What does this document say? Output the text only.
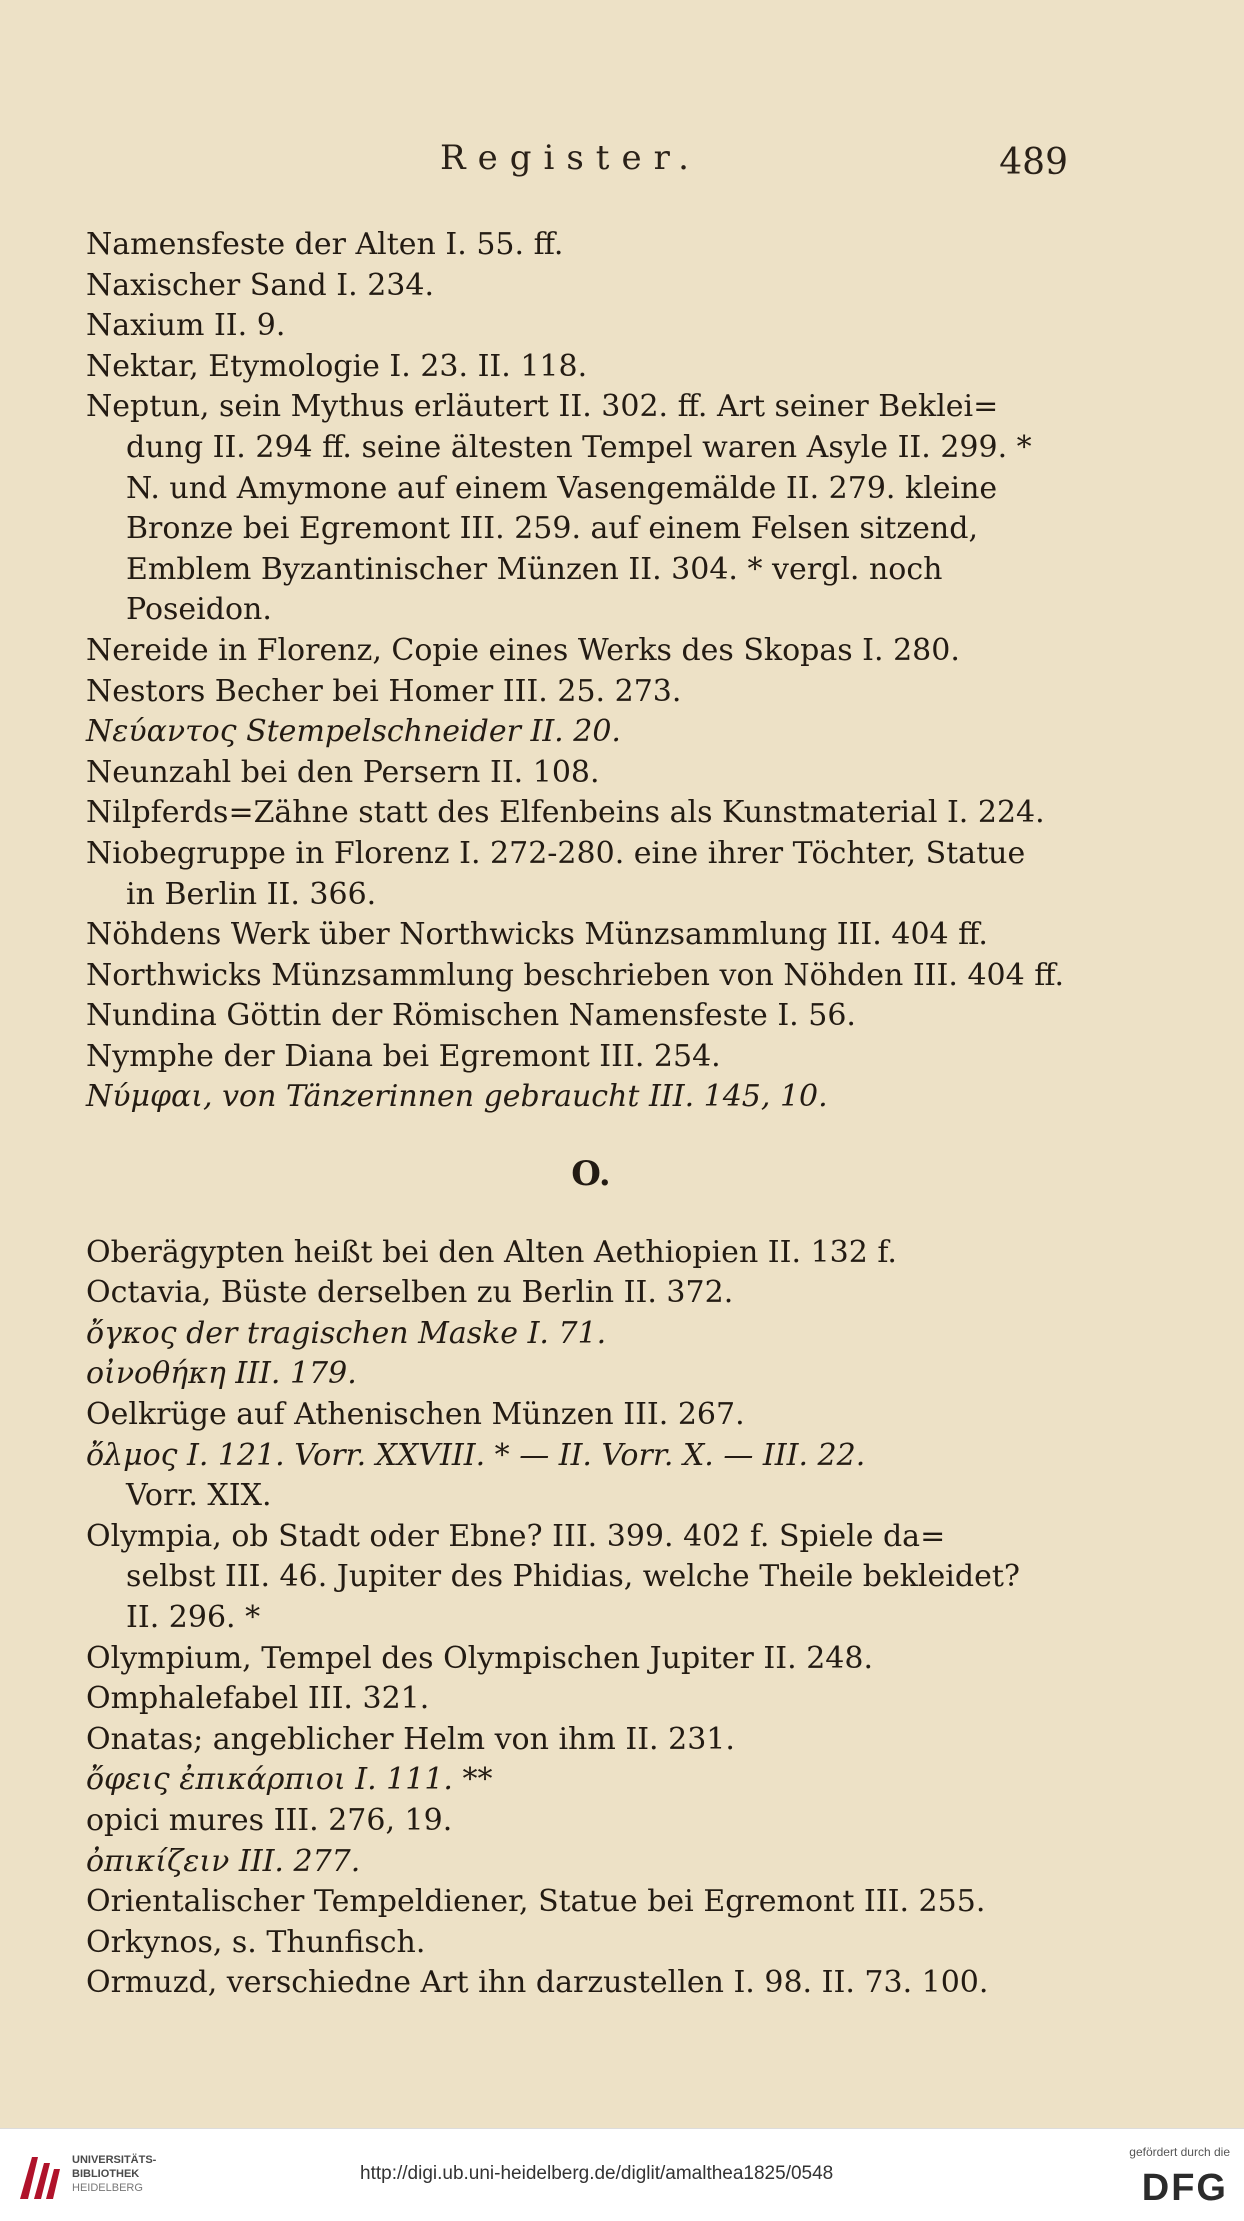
Register.	489
Namensfeste der Alten I. 55. ff.
Naxischer Sand I. 234.
Naxium II. 9.
Nektar, Etymologie I. 23. II. 118.
Neptun, sein Mythus erläutert II. 302. ff. Art seiner Beklei=
dung II. 294 ff. seine ältesten Tempel waren Asyle II. 299. *
N. und Amymone auf einem Vasengemälde II. 279. kleine
Bronze bei Egremont III. 259. auf einem Felsen sitzend,
Emblem Byzantinischer Münzen II. 304. * vergl. noch
Poseidon.
Nereide in Florenz, Copie eines Werks des Skopas I. 280.
Nestors Becher bei Homer III. 25. 273.
Νεύαντος Stempelschneider II. 20.
Neunzahl bei den Persern II. 108.
Nilpferds=Zähne statt des Elfenbeins als Kunstmaterial I. 224.
Niobegruppe in Florenz I. 272-280. eine ihrer Töchter, Statue
in Berlin II. 366.
Nöhdens Werk über Northwicks Münzsammlung III. 404 ff.
Northwicks Münzsammlung beschrieben von Nöhden III. 404 ff.
Nundina Göttin der Römischen Namensfeste I. 56.
Nymphe der Diana bei Egremont III. 254.
Νύμφαι, von Tänzerinnen gebraucht III. 145, 10.
O.
Oberägypten heißt bei den Alten Aethiopien II. 132 f.
Octavia, Büste derselben zu Berlin II. 372.
ὄγκος der tragischen Maske I. 71.
οἰνοθήκη III. 179.
Oelkrüge auf Athenischen Münzen III. 267.
ὄλμος I. 121. Vorr. XXVIII. * — II. Vorr. X. — III. 22.
Vorr. XIX.
Olympia, ob Stadt oder Ebne? III. 399. 402 f. Spiele da=
selbst III. 46. Jupiter des Phidias, welche Theile bekleidet?
II. 296. *
Olympium, Tempel des Olympischen Jupiter II. 248.
Omphalefabel III. 321.
Onatas; angeblicher Helm von ihm II. 231.
ὄφεις ἐπικάρπιοι I. 111. **
opici mures III. 276, 19.
ὀπικίζειν III. 277.
Orientalischer Tempeldiener, Statue bei Egremont III. 255.
Orkynos, s. Thunfisch.
Ormuzd, verschiedne Art ihn darzustellen I. 98. II. 73. 100.
UNIVERSITÄTS-
BIBLIOTHEK
HEIDELBERG
http://digi.ub.uni-heidelberg.de/diglit/amalthea1825/0548
gefördert durch die
DFG
